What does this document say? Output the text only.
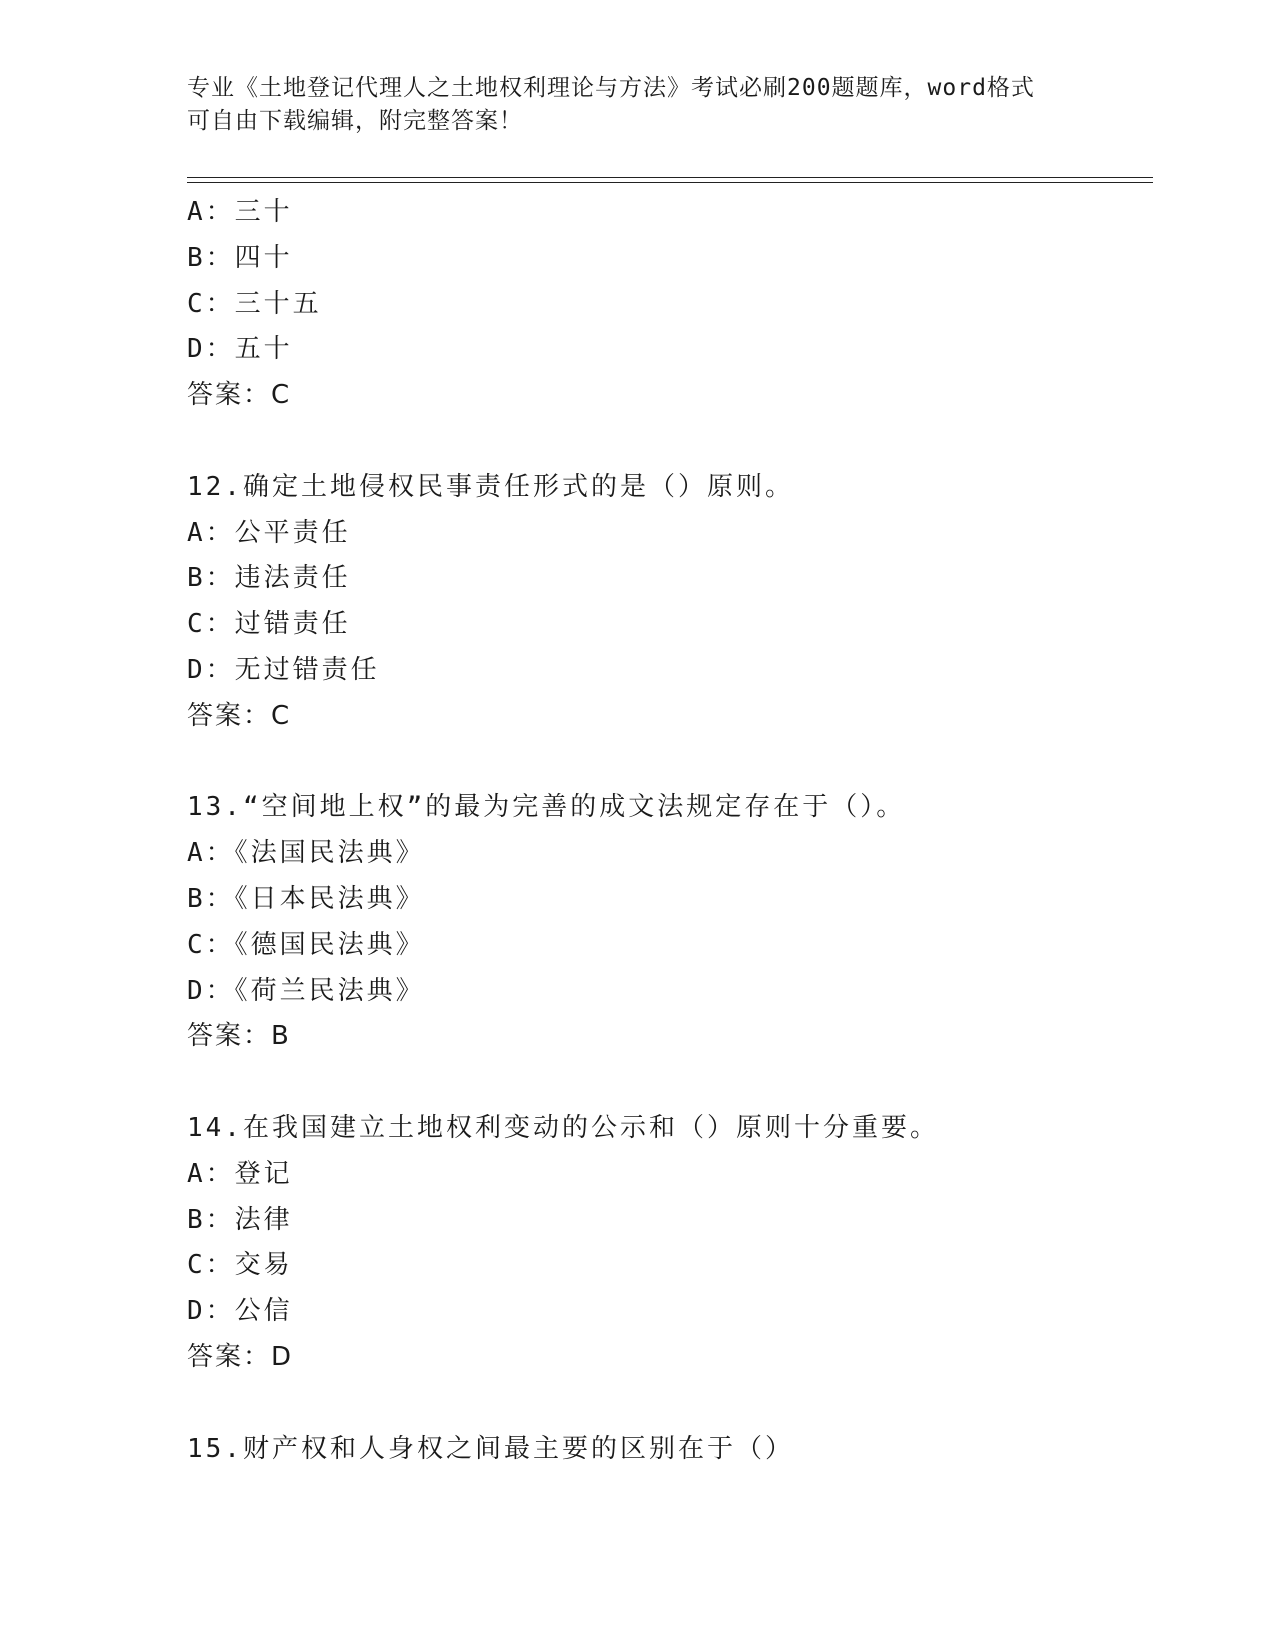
专业《土地登记代理人之土地权利理论与方法》考试必刷200题题库，word格式
可自由下载编辑，附完整答案！
A：三十
B：四十
C：三十五
D：五十
答案：C
12.确定土地侵权民事责任形式的是（）原则。
A：公平责任
B：违法责任
C：过错责任
D：无过错责任
答案：C
13.“空间地上权”的最为完善的成文法规定存在于（）。
A：《法国民法典》
B：《日本民法典》
C：《德国民法典》
D：《荷兰民法典》
答案：B
14.在我国建立土地权利变动的公示和（）原则十分重要。
A：登记
B：法律
C：交易
D：公信
答案：D
15.财产权和人身权之间最主要的区别在于（）
